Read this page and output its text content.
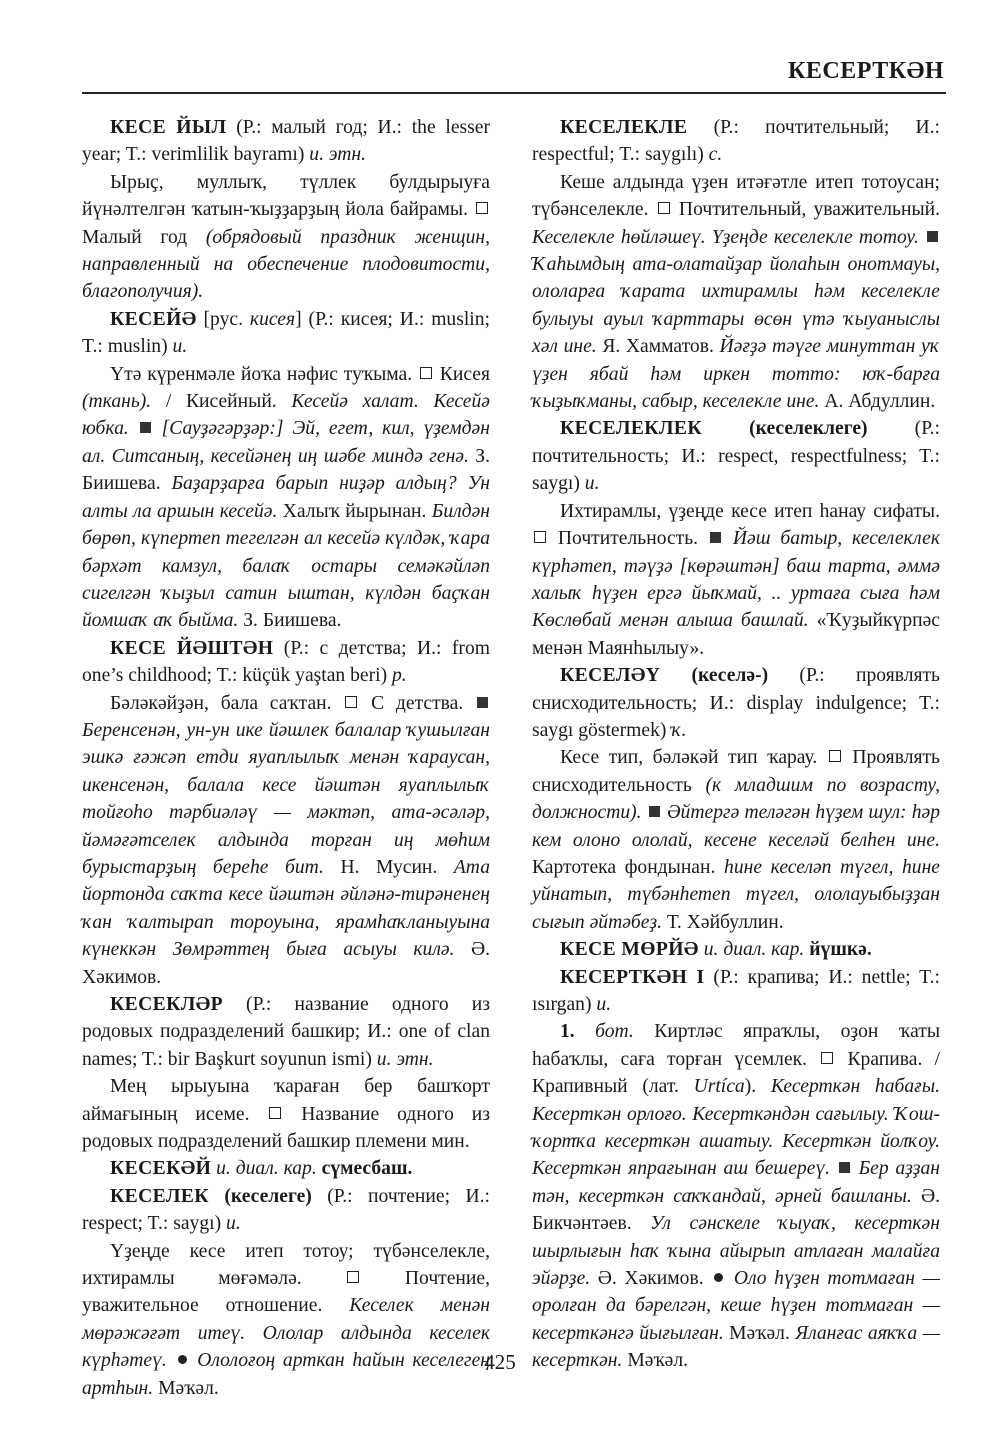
КЕСЕРТКӘН

КЕСЕ ЙЫЛ (Р.: малый год; И.: the lesser year; T.: verimlilik bayramı) и. этн.

Ырыҫ, муллыҡ, түллек булдырыуға йүнәлтелгән ҡатын-ҡыҙҙарҙың йола байрамы.  Малый год (обрядовый праздник женщин, направленный на обеспечение плодовитости, благополучия).

КЕСЕЙӘ [рус. кисея] (Р.: кисея; И.: muslin; T.: muslin) и.

Үтә күренмәле йоҡа нәфис туҡыма.  Кисея (ткань). / Кисейный. Кесейә халат. Кесейә юбка.  [Сауҙәгәрҙәр:] Эй, егет, кил, үҙемдән ал. Ситсаның, кесейәнең иң шәбе миндә генә. З. Биишева. Баҙарҙарға барып ниҙәр алдың? Ун алты ла аршын кесейә. Халыҡ йырынан. Билдән бөрөп, күпертеп тегелгән ал кесейә күлдәк, ҡара бәрхәт камзул, балаҡ остары семәкәйләп сигелгән ҡыҙыл сатин ыштан, күлдән баҫҡан йомшаҡ аҡ быйма. З. Биишева.

КЕСЕ ЙӘШТӘН (Р.: с детства; И.: from one’s childhood; T.: küçük yaştan beri) р.

Бәләкәйҙән, бала саҡтан.  С детства.  Беренсенән, ун-ун ике йәшлек балалар ҡушылған эшкә ғәжәп етди яуаплылыҡ менән ҡараусан, икенсенән, балала кесе йәштән яуаплылыҡ тойғоhо тәрбиәләү — мәктәп, ата-әсәләр, йәмәғәтселек алдында торған иң мөһим бурыстарҙың береһе бит. Н. Мусин. Ата йортонда саҡта кесе йәштән әйләнә-тирәненең ҡан ҡалтырап тороуына, ярамhаҡланыуына күнеккән Зөмрәттең быға асыуы килә. Ә. Хәкимов.

КЕСЕКЛӘР (Р.: название одного из родовых подразделений башкир; И.: one of clan names; T.: bir Başkurt soyunun ismi) и. этн.

Мең ырыуына ҡараған бер башҡорт аймағының исеме.  Название одного из родовых подразделений башкир племени мин.

КЕСЕКӘЙ и. диал. кар. сүмесбаш.

КЕСЕЛЕК (кеселеге) (Р.: почтение; И.: respect; T.: saygı) и.

Үҙеңде кесе итеп тотоу; түбәнселекле, ихтирамлы мөғәмәлә.  Почтение, уважительное отношение. Кеселек менән мөрәжәғәт итеү. Ололар алдында кеселек күрhәтеү.  Ололоғоң арткан hайын кеселегең артhын. Мәҡәл.

КЕСЕЛЕКЛЕ (Р.: почтительный; И.: respectful; T.: saygılı) с.

Кеше алдында үҙен итәғәтле итеп тотоусан; түбәнселекле.  Почтительный, уважительный. Кеселекле hөйләшеү. Үҙеңде кеселекле тотоу.  Ҡаhымдың ата-олатайҙар йолаhын онотмауы, ололарға ҡарата ихтирамлы hәм кеселекле булыуы ауыл ҡарттары өсөн үтә ҡыуаныслы хәл ине. Я. Хамматов. Йәғҙә тәүге минуттан уҡ үҙен ябай hәм иркен тотто: юҡ-барға ҡыҙыҡманы, сабыр, кеселекле ине. А. Абдуллин.

КЕСЕЛЕКЛЕК (кеселеклеге) (Р.: почтительность; И.: respect, respectfulness; T.: saygı) и.

Ихтирамлы, үҙеңде кесе итеп hанау сифаты.  Почтительность.  Йәш батыр, кеселеклек күрhәтеп, тәүҙә [көрәштән] баш тарта, әммә халыҡ hүҙен ергә йыҡмай, .. уртаға сыға hәм Көслөбай менән алыша башлай. «Ҡуҙыйкүрпәс менән Маянhылыу».

КЕСЕЛӘҮ (кеселә-) (Р.: проявлять снисходительность; И.: display indulgence; T.: saygı göstermek) ҡ.

Кесе тип, бәләкәй тип ҡарау.  Проявлять снисходительность (к младшим по возрасту, должности).  Әйтергә теләгән hүҙем шул: hәр кем олоно ололай, кесене кеселәй белhен ине. Картотека фондынан. hине кеселәп түгел, hине уйнатып, түбәнhетеп түгел, ололауыбыҙҙан сығып әйтәбеҙ. Т. Хәйбуллин.

КЕСЕ МӨРЙӘ и. диал. кар. йүшкә.

КЕСЕРТКӘН I (Р.: крапива; И.: nettle; T.: ısırgan) и.

1. бот. Киртләс япраҡлы, оҙон ҡаты hабаҡлы, саға торған үсемлек.  Крапива. / Крапивный (лат. Urtíca). Кесерткән hабағы. Кесерткән орлоғо. Кесерткәндән сағылыу. Ҡош-ҡортҡа кесерткән ашатыу. Кесерткән йолҡоу. Кесерткән япрағынан аш бешереү.  Бер аҙҙан тән, кесерткән саҡҡандай, әрней башланы. Ә. Бикчәнтәев. Ул сәнскеле ҡыуаҡ, кесерткән шырлығын hаҡ ҡына айырып атлаған малайға эйәрҙе. Ә. Хәкимов.  Оло hүҙен тотмаған — оролған да бәрелгән, кеше hүҙен тотмаған — кесерткәнгә йығылған. Мәҡәл. Яланғас аяҡҡа — кесерткән. Мәҡәл.

425
